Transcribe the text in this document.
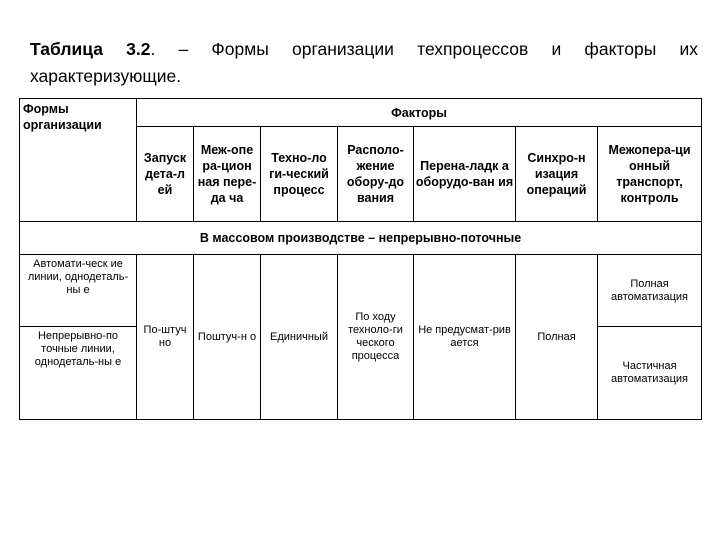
Таблица 3.2. – Формы организации техпроцессов и факторы их характеризующие.
Формы организации	Факторы						
	Запуск дета-л ей	Меж-опе ра-цион ная пере-да ча	Техно-ло ги-ческий процесс	Располо- жение обору-до вания	Перена-ладк а оборудо-ван ия	Синхро-н изация операций	Межопера-ци онный транспорт, контроль
В массовом производстве – непрерывно-поточные							
Автомати-ческ ие линии, однодеталь-ны е	По-штуч но	Поштуч-н о	Единичный	По ходу техноло-ги ческого процесса	Не предусмат-рив ается	Полная	Полная автоматизация
Непрерывно-по точные линии, однодеталь-ны е							Частичная автоматизация
